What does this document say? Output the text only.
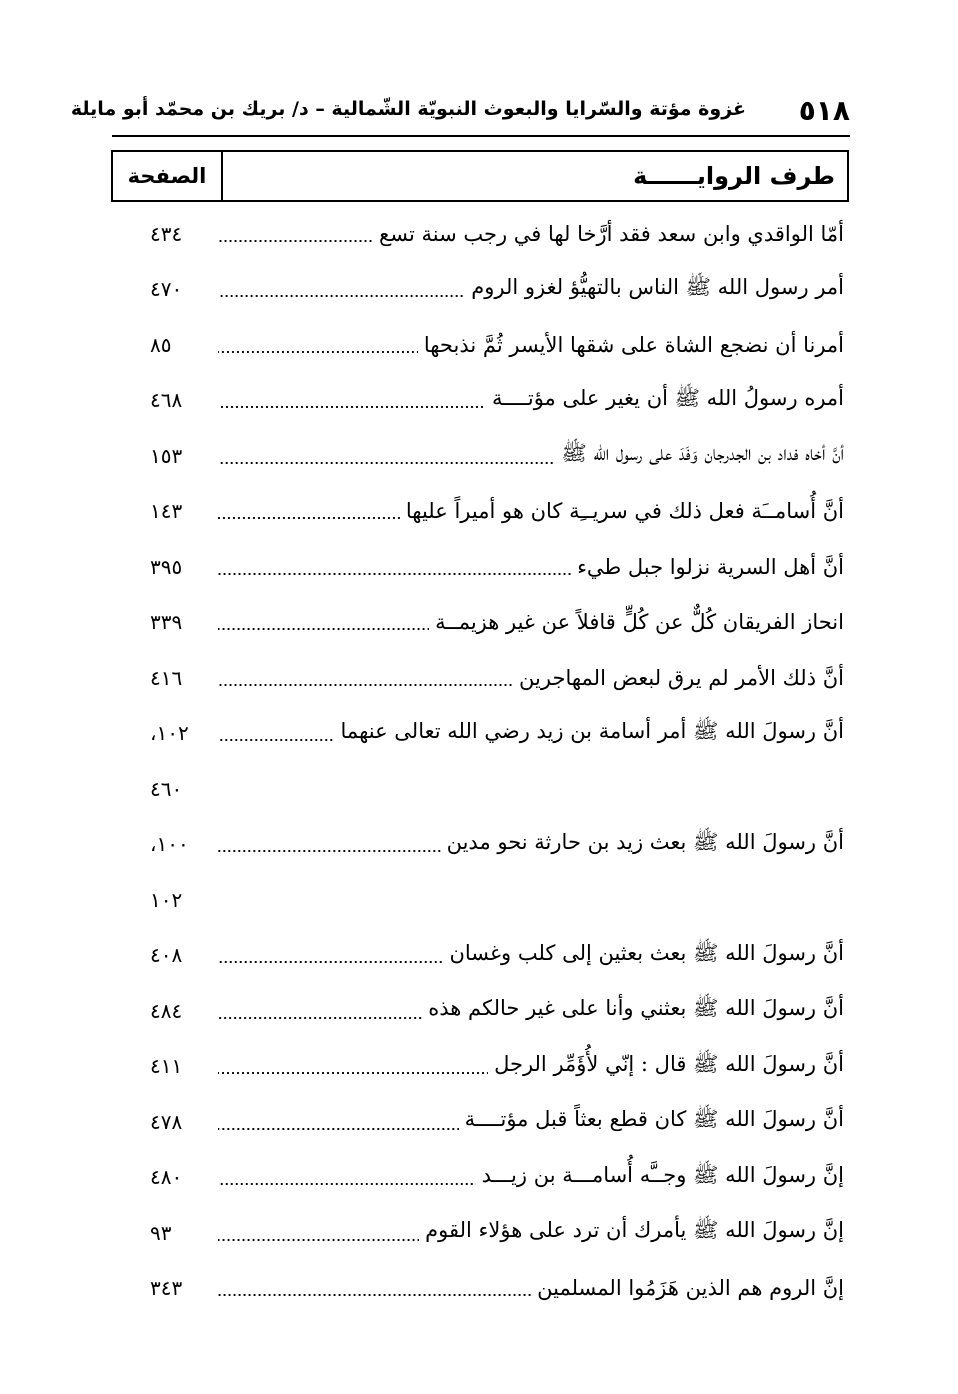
٥١٨
غزوة مؤتة والسّرايا والبعوث النبويّة الشّمالية – د/ بريك بن محمّد أبو مايلة
طرف الروايــــــة
الصفحة
أمّا الواقدي وابن سعد فقد أرَّخا لها في رجب سنة تسع
٤٣٤
أمر رسول الله ﷺ الناس بالتهيُّؤ لغزو الروم
٤٧٠
أمرنا أن نضجع الشاة على شقها الأيسر ثُمَّ نذبحها
٨٥
أمره رسولُ الله ﷺ أن يغير على مؤتــــة
٤٦٨
أنَّ أخاه فداد بن الجدرجان وَفَدَ على رسول الله ﷺ
١٥٣
أنَّ أُسامــَة فعل ذلك في سريــِة كان هو أميراً عليها
١٤٣
أنَّ أهل السرية نزلوا جبل طيء
٣٩٥
انحاز الفريقان كُلٌّ عن كُلٍّ قافلاً عن غير هزيمــة
٣٣٩
أنَّ ذلك الأمر لم يرق لبعض المهاجرين
٤١٦
أنَّ رسولَ الله ﷺ أمر أسامة بن زيد رضي الله تعالى عنهما
١٠٢،
٤٦٠
أنَّ رسولَ الله ﷺ بعث زيد بن حارثة نحو مدين
١٠٠،
١٠٢
أنَّ رسولَ الله ﷺ بعث بعثين إلى كلب وغسان
٤٠٨
أنَّ رسولَ الله ﷺ بعثني وأنا على غير حالكم هذه
٤٨٤
أنَّ رسولَ الله ﷺ قال : إنّي لأُؤَمِّر الرجل
٤١١
أنَّ رسولَ الله ﷺ كان قطع بعثاً قبل مؤتــــة
٤٧٨
إنَّ رسولَ الله ﷺ وجــَّه أُسامـــة بن زيـــد
٤٨٠
إنَّ رسولَ الله ﷺ يأمرك أن ترد على هؤلاء القوم
٩٣
إنَّ الروم هم الذين هَزَمُوا المسلمين
٣٤٣
